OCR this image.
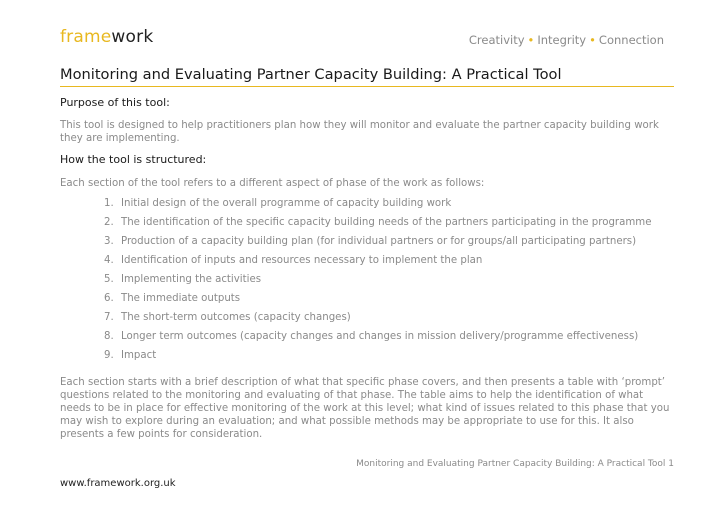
framework	Creativity • Integrity • Connection
Monitoring and Evaluating Partner Capacity Building: A Practical Tool
Purpose of this tool:
This tool is designed to help practitioners plan how they will monitor and evaluate the partner capacity building work they are implementing.
How the tool is structured:
Each section of the tool refers to a different aspect of phase of the work as follows:
1. Initial design of the overall programme of capacity building work
2. The identification of the specific capacity building needs of the partners participating in the programme
3. Production of a capacity building plan (for individual partners or for groups/all participating partners)
4. Identification of inputs and resources necessary to implement the plan
5. Implementing the activities
6. The immediate outputs
7. The short-term outcomes (capacity changes)
8. Longer term outcomes (capacity changes and changes in mission delivery/programme effectiveness)
9. Impact
Each section starts with a brief description of what that specific phase covers, and then presents a table with ‘prompt’ questions related to the monitoring and evaluating of that phase. The table aims to help the identification of what needs to be in place for effective monitoring of the work at this level; what kind of issues related to this phase that you may wish to explore during an evaluation; and what possible methods may be appropriate to use for this. It also presents a few points for consideration.
Monitoring and Evaluating Partner Capacity Building: A Practical Tool 1
www.framework.org.uk
